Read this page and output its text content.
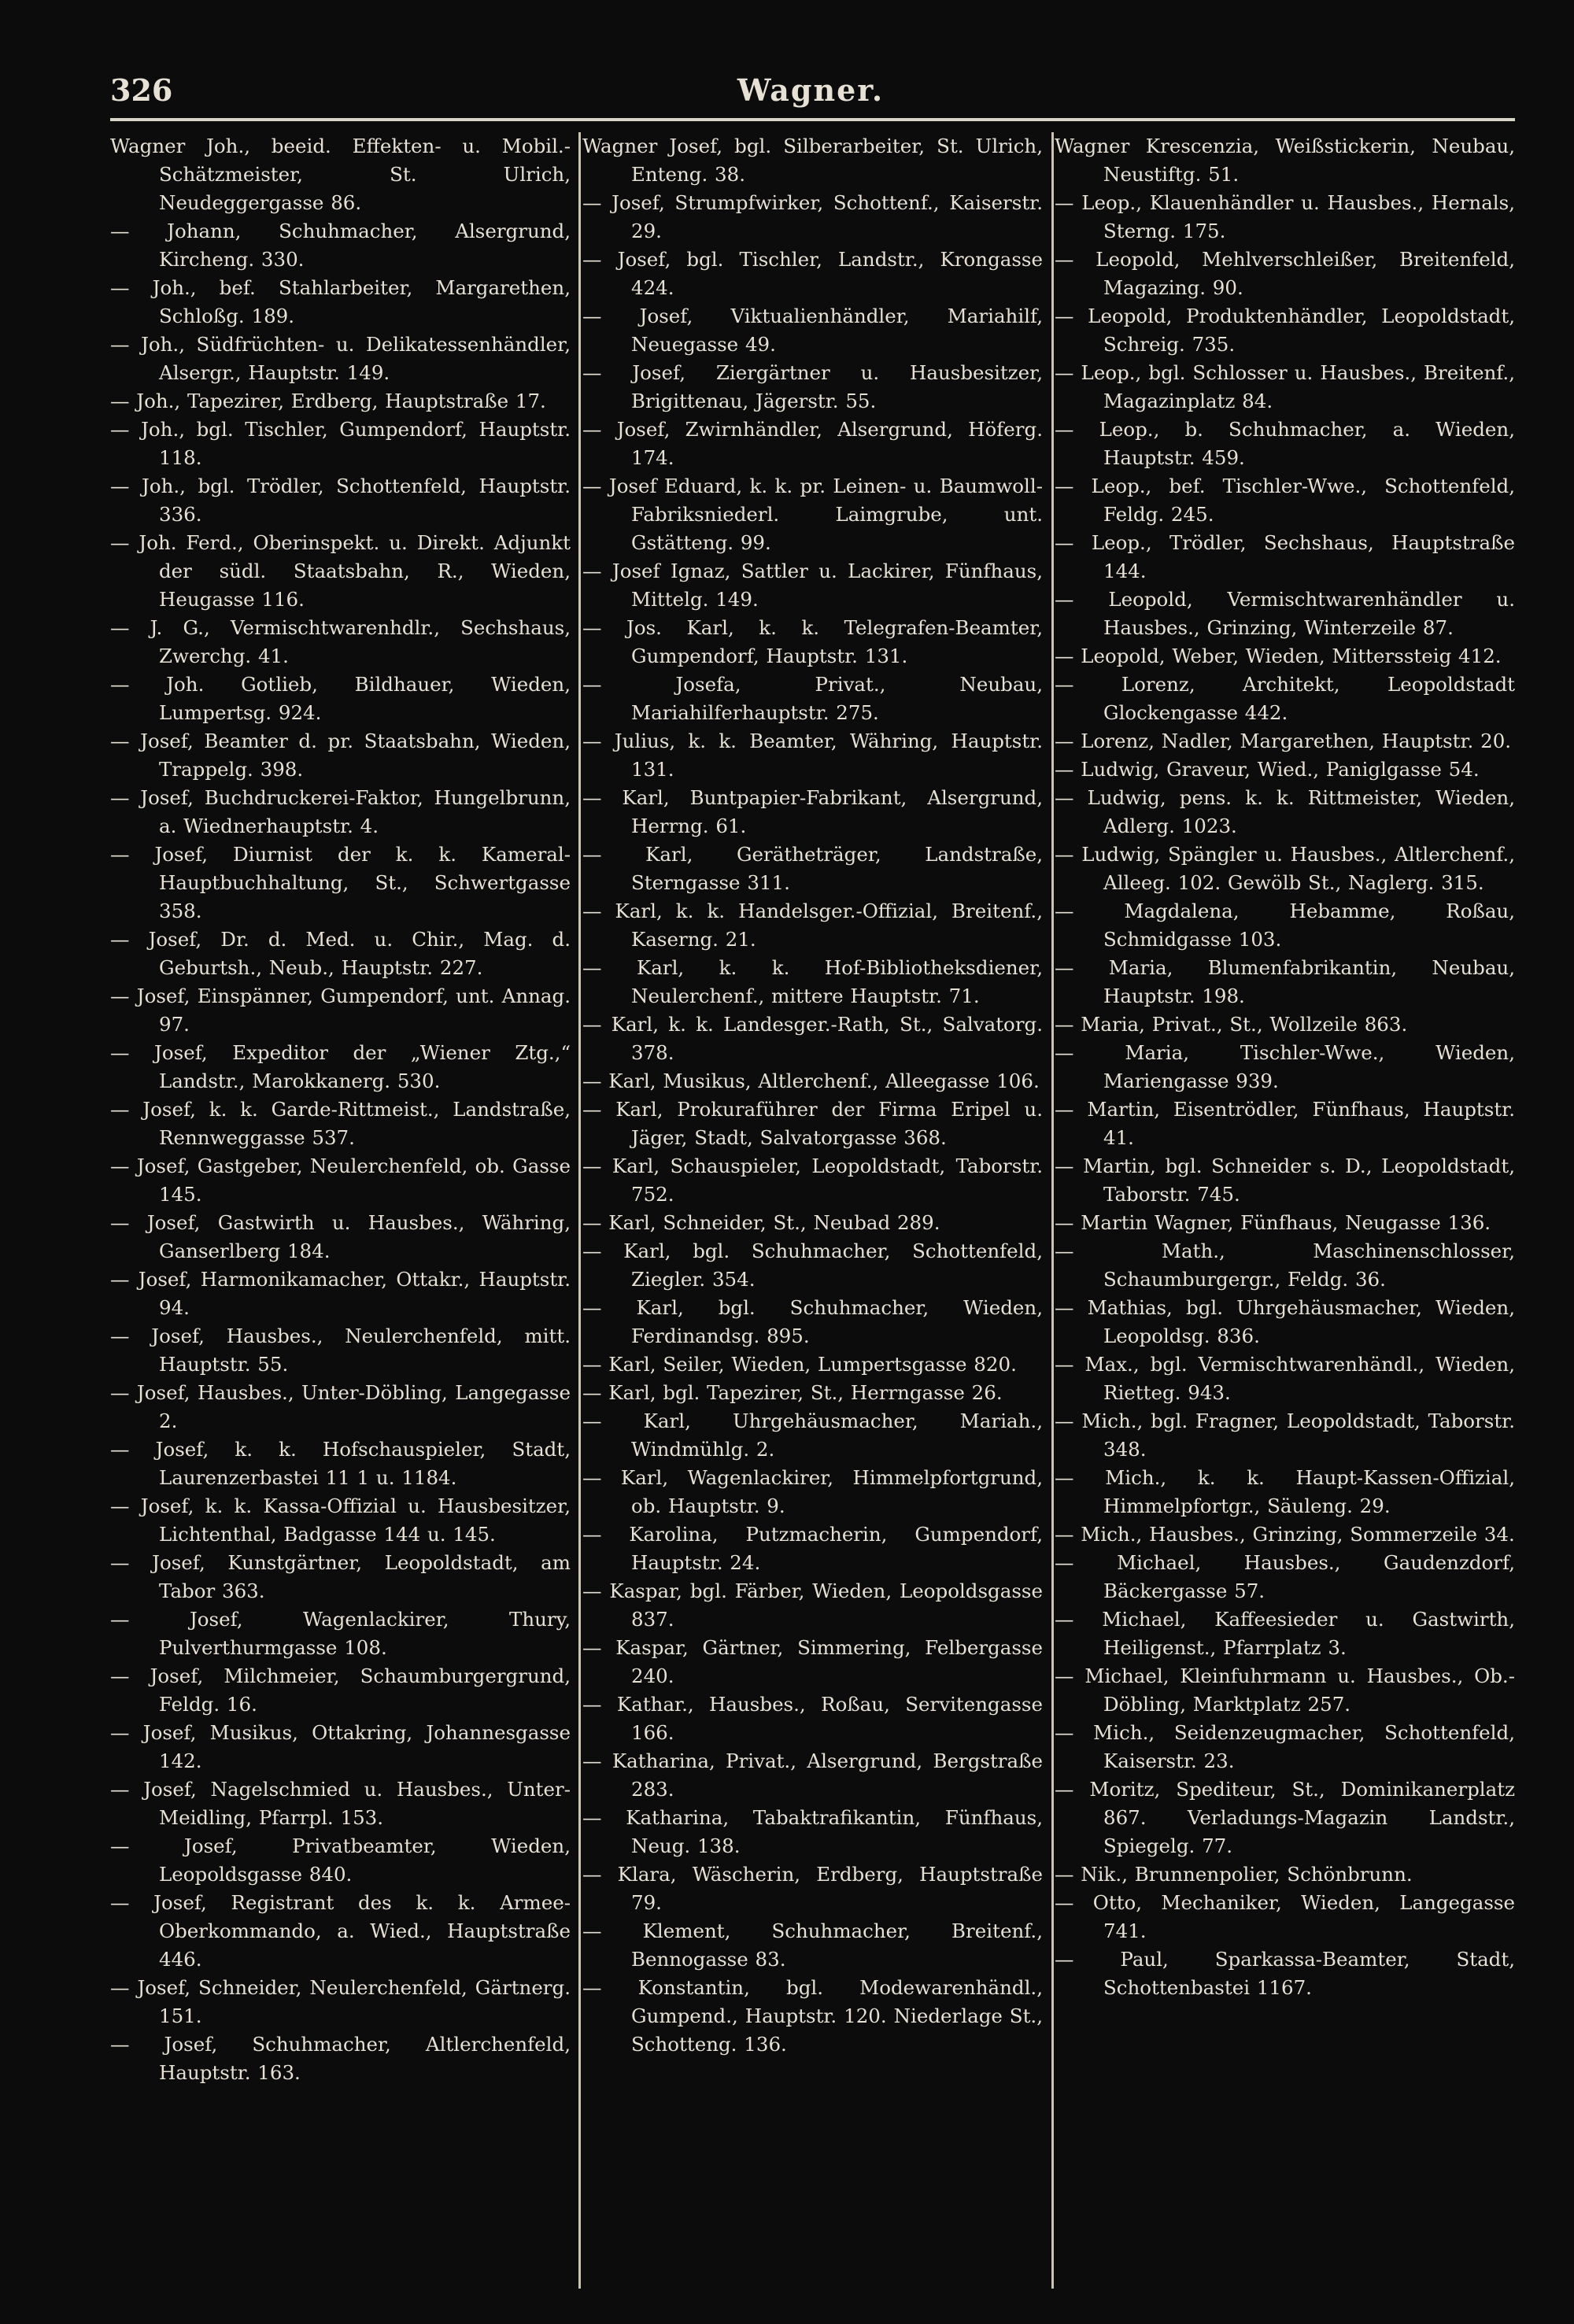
326	Wagner.
Wagner Joh., beeid. Effekten- u. Mobil.-Schätzmeister, St. Ulrich, Neudeggergasse 86.
— Johann, Schuhmacher, Alsergrund, Kircheng. 330.
— Joh., bef. Stahlarbeiter, Margarethen, Schloßg. 189.
— Joh., Südfrüchten- u. Delikatessenhändler, Alsergr., Hauptstr. 149.
— Joh., Tapezirer, Erdberg, Hauptstraße 17.
— Joh., bgl. Tischler, Gumpendorf, Hauptstr. 118.
— Joh., bgl. Trödler, Schottenfeld, Hauptstr. 336.
— Joh. Ferd., Oberinspekt. u. Direkt. Adjunkt der südl. Staatsbahn, R., Wieden, Heugasse 116.
— J. G., Vermischtwarenhdlr., Sechshaus, Zwerchg. 41.
— Joh. Gotlieb, Bildhauer, Wieden, Lumpertsg. 924.
— Josef, Beamter d. pr. Staatsbahn, Wieden, Trappelg. 398.
— Josef, Buchdruckerei-Faktor, Hungelbrunn, a. Wiednerhauptstr. 4.
— Josef, Diurnist der k. k. Kameral-Hauptbuchhaltung, St., Schwertgasse 358.
— Josef, Dr. d. Med. u. Chir., Mag. d. Geburtsh., Neub., Hauptstr. 227.
— Josef, Einspänner, Gumpendorf, unt. Annag. 97.
— Josef, Expeditor der „Wiener Ztg.,“ Landstr., Marokkanerg. 530.
— Josef, k. k. Garde-Rittmeist., Landstraße, Rennweggasse 537.
— Josef, Gastgeber, Neulerchenfeld, ob. Gasse 145.
— Josef, Gastwirth u. Hausbes., Währing, Ganserlberg 184.
— Josef, Harmonikamacher, Ottakr., Hauptstr. 94.
— Josef, Hausbes., Neulerchenfeld, mitt. Hauptstr. 55.
— Josef, Hausbes., Unter-Döbling, Langegasse 2.
— Josef, k. k. Hofschauspieler, Stadt, Laurenzerbastei 11 1 u. 1184.
— Josef, k. k. Kassa-Offizial u. Hausbesitzer, Lichtenthal, Badgasse 144 u. 145.
— Josef, Kunstgärtner, Leopoldstadt, am Tabor 363.
— Josef, Wagenlackirer, Thury, Pulverthurmgasse 108.
— Josef, Milchmeier, Schaumburgergrund, Feldg. 16.
— Josef, Musikus, Ottakring, Johannesgasse 142.
— Josef, Nagelschmied u. Hausbes., Unter-Meidling, Pfarrpl. 153.
— Josef, Privatbeamter, Wieden, Leopoldsgasse 840.
— Josef, Registrant des k. k. Armee-Oberkommando, a. Wied., Hauptstraße 446.
— Josef, Schneider, Neulerchenfeld, Gärtnerg. 151.
— Josef, Schuhmacher, Altlerchenfeld, Hauptstr. 163.
Wagner Josef, bgl. Silberarbeiter, St. Ulrich, Enteng. 38.
— Josef, Strumpfwirker, Schottenf., Kaiserstr. 29.
— Josef, bgl. Tischler, Landstr., Krongasse 424.
— Josef, Viktualienhändler, Mariahilf, Neuegasse 49.
— Josef, Ziergärtner u. Hausbesitzer, Brigittenau, Jägerstr. 55.
— Josef, Zwirnhändler, Alsergrund, Höferg. 174.
— Josef Eduard, k. k. pr. Leinen- u. Baumwoll-Fabriksniederl. Laimgrube, unt. Gstätteng. 99.
— Josef Ignaz, Sattler u. Lackirer, Fünfhaus, Mittelg. 149.
— Jos. Karl, k. k. Telegrafen-Beamter, Gumpendorf, Hauptstr. 131.
— Josefa, Privat., Neubau, Mariahilferhauptstr. 275.
— Julius, k. k. Beamter, Währing, Hauptstr. 131.
— Karl, Buntpapier-Fabrikant, Alsergrund, Herrng. 61.
— Karl, Gerätheträger, Landstraße, Sterngasse 311.
— Karl, k. k. Handelsger.-Offizial, Breitenf., Kaserng. 21.
— Karl, k. k. Hof-Bibliotheksdiener, Neulerchenf., mittere Hauptstr. 71.
— Karl, k. k. Landesger.-Rath, St., Salvatorg. 378.
— Karl, Musikus, Altlerchenf., Alleegasse 106.
— Karl, Prokuraführer der Firma Eripel u. Jäger, Stadt, Salvatorgasse 368.
— Karl, Schauspieler, Leopoldstadt, Taborstr. 752.
— Karl, Schneider, St., Neubad 289.
— Karl, bgl. Schuhmacher, Schottenfeld, Ziegler. 354.
— Karl, bgl. Schuhmacher, Wieden, Ferdinandsg. 895.
— Karl, Seiler, Wieden, Lumpertsgasse 820.
— Karl, bgl. Tapezirer, St., Herrngasse 26.
— Karl, Uhrgehäusmacher, Mariah., Windmühlg. 2.
— Karl, Wagenlackirer, Himmelpfortgrund, ob. Hauptstr. 9.
— Karolina, Putzmacherin, Gumpendorf, Hauptstr. 24.
— Kaspar, bgl. Färber, Wieden, Leopoldsgasse 837.
— Kaspar, Gärtner, Simmering, Felbergasse 240.
— Kathar., Hausbes., Roßau, Servitengasse 166.
— Katharina, Privat., Alsergrund, Bergstraße 283.
— Katharina, Tabaktrafikantin, Fünfhaus, Neug. 138.
— Klara, Wäscherin, Erdberg, Hauptstraße 79.
— Klement, Schuhmacher, Breitenf., Bennogasse 83.
— Konstantin, bgl. Modewarenhändl., Gumpend., Hauptstr. 120. Niederlage St., Schotteng. 136.
Wagner Krescenzia, Weißstickerin, Neubau, Neustiftg. 51.
— Leop., Klauenhändler u. Hausbes., Hernals, Sterng. 175.
— Leopold, Mehlverschleißer, Breitenfeld, Magazing. 90.
— Leopold, Produktenhändler, Leopoldstadt, Schreig. 735.
— Leop., bgl. Schlosser u. Hausbes., Breitenf., Magazinplatz 84.
— Leop., b. Schuhmacher, a. Wieden, Hauptstr. 459.
— Leop., bef. Tischler-Wwe., Schottenfeld, Feldg. 245.
— Leop., Trödler, Sechshaus, Hauptstraße 144.
— Leopold, Vermischtwarenhändler u. Hausbes., Grinzing, Winterzeile 87.
— Leopold, Weber, Wieden, Mitterssteig 412.
— Lorenz, Architekt, Leopoldstadt Glockengasse 442.
— Lorenz, Nadler, Margarethen, Hauptstr. 20.
— Ludwig, Graveur, Wied., Paniglgasse 54.
— Ludwig, pens. k. k. Rittmeister, Wieden, Adlerg. 1023.
— Ludwig, Spängler u. Hausbes., Altlerchenf., Alleeg. 102. Gewölb St., Naglerg. 315.
— Magdalena, Hebamme, Roßau, Schmidgasse 103.
— Maria, Blumenfabrikantin, Neubau, Hauptstr. 198.
— Maria, Privat., St., Wollzeile 863.
— Maria, Tischler-Wwe., Wieden, Mariengasse 939.
— Martin, Eisentrödler, Fünfhaus, Hauptstr. 41.
— Martin, bgl. Schneider s. D., Leopoldstadt, Taborstr. 745.
— Martin Wagner, Fünfhaus, Neugasse 136.
— Math., Maschinenschlosser, Schaumburgergr., Feldg. 36.
— Mathias, bgl. Uhrgehäusmacher, Wieden, Leopoldsg. 836.
— Max., bgl. Vermischtwarenhändl., Wieden, Rietteg. 943.
— Mich., bgl. Fragner, Leopoldstadt, Taborstr. 348.
— Mich., k. k. Haupt-Kassen-Offizial, Himmelpfortgr., Säuleng. 29.
— Mich., Hausbes., Grinzing, Sommerzeile 34.
— Michael, Hausbes., Gaudenzdorf, Bäckergasse 57.
— Michael, Kaffeesieder u. Gastwirth, Heiligenst., Pfarrplatz 3.
— Michael, Kleinfuhrmann u. Hausbes., Ob.-Döbling, Marktplatz 257.
— Mich., Seidenzeugmacher, Schottenfeld, Kaiserstr. 23.
— Moritz, Spediteur, St., Dominikanerplatz 867. Verladungs-Magazin Landstr., Spiegelg. 77.
— Nik., Brunnenpolier, Schönbrunn.
— Otto, Mechaniker, Wieden, Langegasse 741.
— Paul, Sparkassa-Beamter, Stadt, Schottenbastei 1167.
